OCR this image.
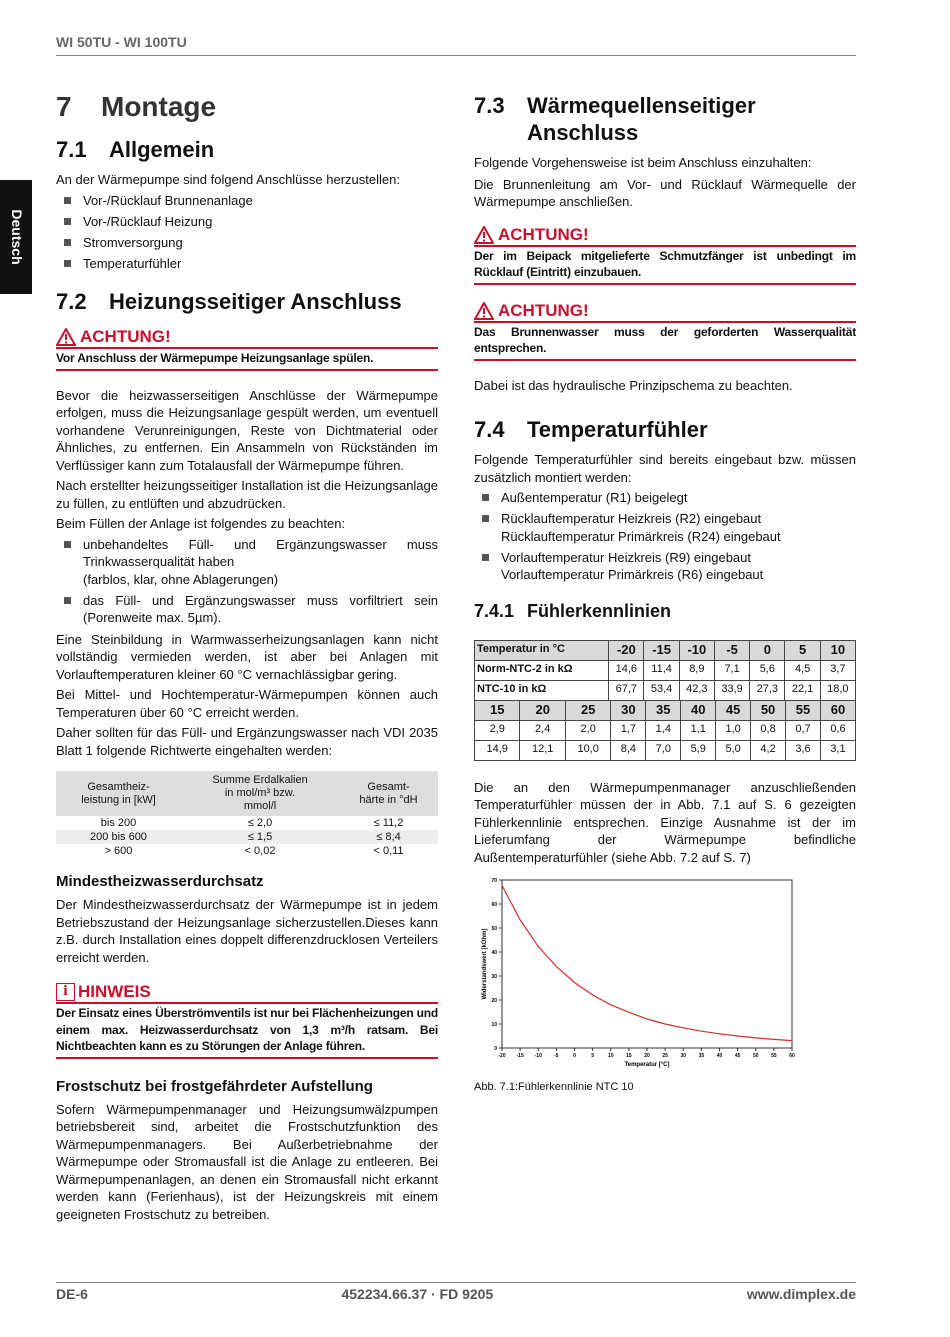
WI 50TU - WI 100TU
Deutsch
7 Montage
7.1	Allgemein

An der Wärmepumpe sind folgend Anschlüsse herzustellen:

Vor-/Rücklauf Brunnenanlage
Vor-/Rücklauf Heizung
Stromversorgung
Temperaturfühler
7.2	Heizungsseitiger Anschluss
ACHTUNG!
Vor Anschluss der Wärmepumpe Heizungsanlage spülen.

Bevor die heizwasserseitigen Anschlüsse der Wärmepumpe erfolgen, muss die Heizungsanlage gespült werden, um eventuell vorhandene Verunreinigungen, Reste von Dichtmaterial oder Ähnliches, zu entfernen. Ein Ansammeln von Rückständen im Verflüssiger kann zum Totalausfall der Wärmepumpe führen.

Nach erstellter heizungsseitiger Installation ist die Heizungsanlage zu füllen, zu entlüften und abzudrücken.

Beim Füllen der Anlage ist folgendes zu beachten:

unbehandeltes Füll- und Ergänzungswasser muss Trinkwasserqualität haben
(farblos, klar, ohne Ablagerungen)
das Füll- und Ergänzungswasser muss vorfiltriert sein (Porenweite max. 5µm).

Eine Steinbildung in Warmwasserheizungsanlagen kann nicht vollständig vermieden werden, ist aber bei Anlagen mit Vorlauftemperaturen kleiner 60 °C vernachlässigbar gering.

Bei Mittel- und Hochtemperatur-Wärmepumpen können auch Temperaturen über 60 °C erreicht werden.

Daher sollten für das Füll- und Ergänzungswasser nach VDI 2035 Blatt 1 folgende Richtwerte eingehalten werden:

Gesamtheiz-
leistung in [kW]	Summe Erdalkalien
in mol/m³ bzw.
mmol/l	Gesamt-
härte in °dH
bis 200	≤ 2,0	≤ 11,2
200 bis 600	≤ 1,5	≤ 8,4
> 600	< 0,02	< 0,11
Mindestheizwasserdurchsatz

Der Mindestheizwasserdurchsatz der Wärmepumpe ist in jedem Betriebszustand der Heizungsanlage sicherzustellen.Dieses kann z.B. durch Installation eines doppelt differenzdrucklosen Verteilers erreicht werden.

i HINWEIS
Der Einsatz eines Überströmventils ist nur bei Flächenheizungen und einem max. Heizwasserdurchsatz von 1,3 m³/h ratsam. Bei Nichtbeachten kann es zu Störungen der Anlage führen.
Frostschutz bei frostgefährdeter Aufstellung

Sofern Wärmepumpenmanager und Heizungsumwälzpumpen betriebsbereit sind, arbeitet die Frostschutzfunktion des Wärmepumpenmanagers. Bei Außerbetriebnahme der Wärmepumpe oder Stromausfall ist die Anlage zu entleeren. Bei Wärmepumpenanlagen, an denen ein Stromausfall nicht erkannt werden kann (Ferienhaus), ist der Heizungskreis mit einem geeigneten Frostschutz zu betreiben.

7.3	Wärmequellenseitiger Anschluss

Folgende Vorgehensweise ist beim Anschluss einzuhalten:

Die Brunnenleitung am Vor- und Rücklauf Wärmequelle der Wärmepumpe anschließen.

ACHTUNG!
Der im Beipack mitgelieferte Schmutzfänger ist unbedingt im Rücklauf (Eintritt) einzubauen.
ACHTUNG!
Das Brunnenwasser muss der geforderten Wasserqualität entsprechen.

Dabei ist das hydraulische Prinzipschema zu beachten.

7.4	Temperaturfühler

Folgende Temperaturfühler sind bereits eingebaut bzw. müssen zusätzlich montiert werden:

Außentemperatur (R1) beigelegt
Rücklauftemperatur Heizkreis (R2) eingebaut
Rücklauftemperatur Primärkreis (R24) eingebaut
Vorlauftemperatur Heizkreis (R9) eingebaut
Vorlauftemperatur Primärkreis (R6) eingebaut
7.4.1 Fühlerkennlinien
Temperatur in °C	-20	-15	-10	-5	0	5	10
Norm-NTC-2 in kΩ	14,6	11,4	8,9	7,1	5,6	4,5	3,7
NTC-10 in kΩ	67,7	53,4	42,3	33,9	27,3	22,1	18,0
15	20	25	30	35	40	45	50	55	60
2,9	2,4	2,0	1,7	1,4	1,1	1,0	0,8	0,7	0,6
14,9	12,1	10,0	8,4	7,0	5,9	5,0	4,2	3,6	3,1

Die an den Wärmepumpenmanager anzuschließenden Temperaturfühler müssen der in Abb. 7.1 auf S. 6 gezeigten Fühlerkennlinie entsprechen. Einzige Ausnahme ist der im Lieferumfang der Wärmepumpe befindliche Außentemperaturfühler (siehe Abb. 7.2 auf S. 7)

0
10
20
30
40
50
60
70
-20 -15 -10 -5	0	5	10	15	20	25	30	35	40	45	50	55	60
Temperatur [°C]
Widerstandswert [kOhm]
Abb. 7.1:Fühlerkennlinie NTC 10
DE-6	452234.66.37 · FD 9205	www.dimplex.de
